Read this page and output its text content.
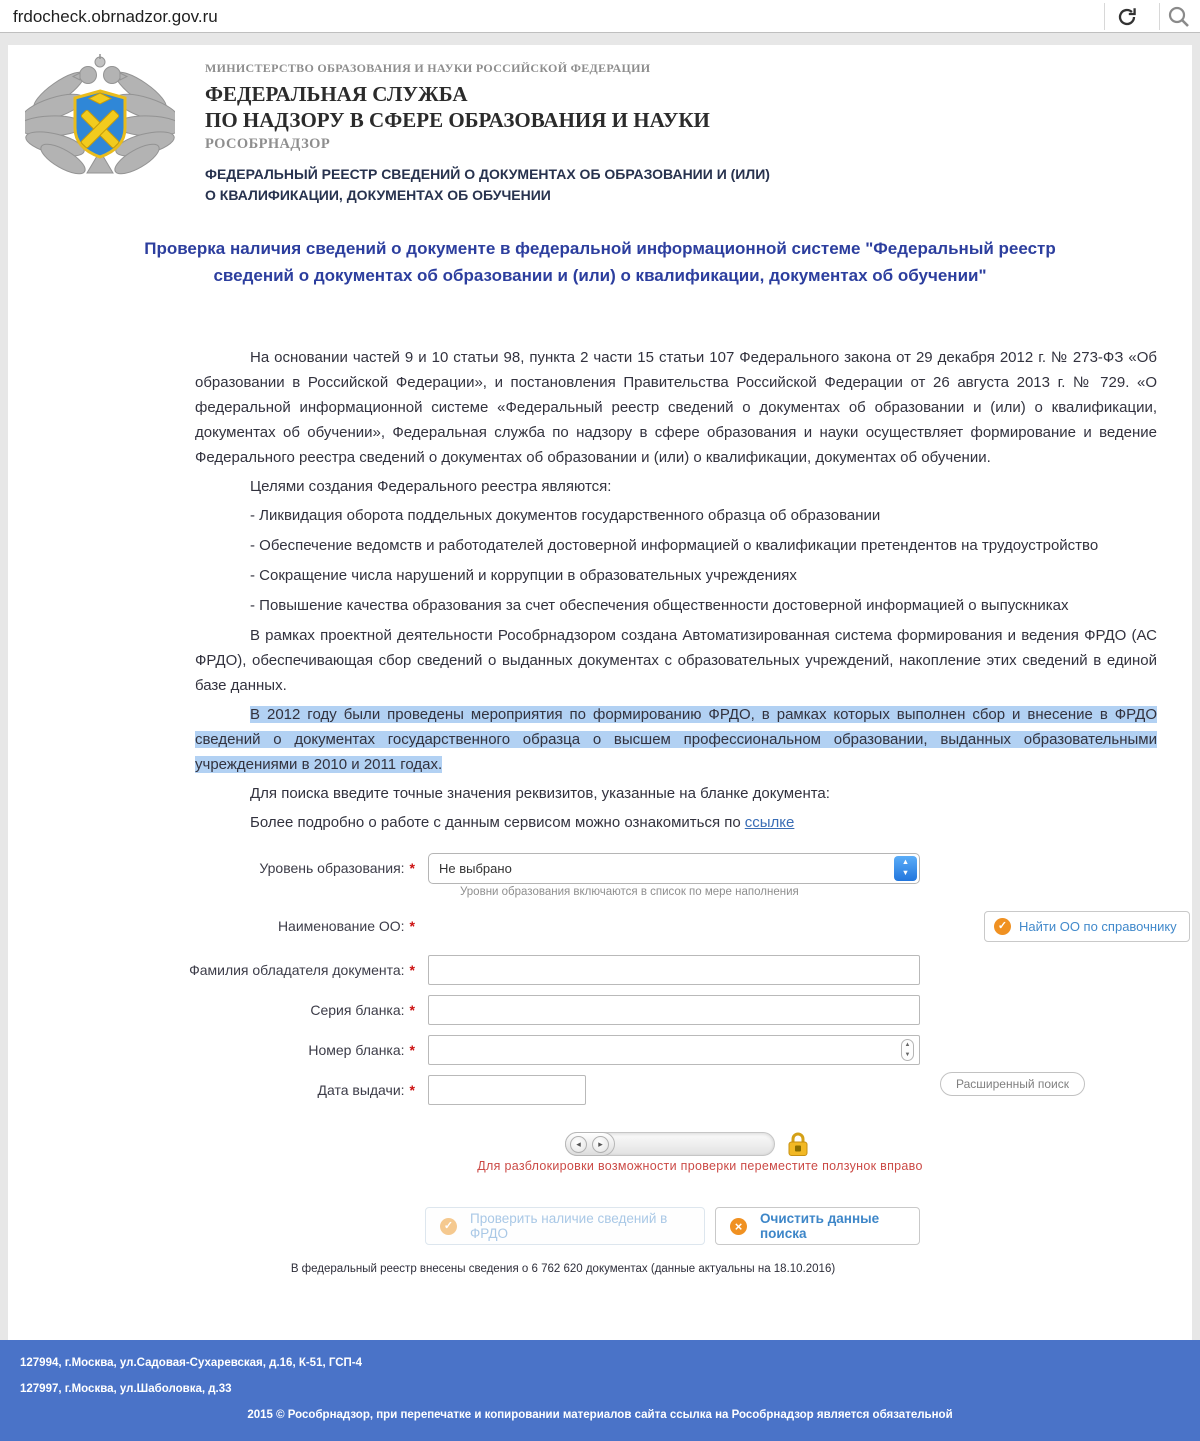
frdocheck.obrnadzor.gov.ru
МИНИСТЕРСТВО ОБРАЗОВАНИЯ И НАУКИ РОССИЙСКОЙ ФЕДЕРАЦИИ
ФЕДЕРАЛЬНАЯ СЛУЖБА
ПО НАДЗОРУ В СФЕРЕ ОБРАЗОВАНИЯ И НАУКИ
РОСОБРНАДЗОР
ФЕДЕРАЛЬНЫЙ РЕЕСТР СВЕДЕНИЙ О ДОКУМЕНТАХ ОБ ОБРАЗОВАНИИ И (ИЛИ)
О КВАЛИФИКАЦИИ, ДОКУМЕНТАХ ОБ ОБУЧЕНИИ
Проверка наличия сведений о документе в федеральной информационной системе "Федеральный реестр сведений о документах об образовании и (или) о квалификации, документах об обучении"

На основании частей 9 и 10 статьи 98, пункта 2 части 15 статьи 107 Федерального закона от 29 декабря 2012 г. № 273-ФЗ «Об образовании в Российской Федерации», и постановления Правительства Российской Федерации от 26 августа 2013 г. № 729. «О федеральной информационной системе «Федеральный реестр сведений о документах об образовании и (или) о квалификации, документах об обучении», Федеральная служба по надзору в сфере образования и науки осуществляет формирование и ведение Федерального реестра сведений о документах об образовании и (или) о квалификации, документах об обучении.

Целями создания Федерального реестра являются:

- Ликвидация оборота поддельных документов государственного образца об образовании

- Обеспечение ведомств и работодателей достоверной информацией о квалификации претендентов на трудоустройство

- Сокращение числа нарушений и коррупции в образовательных учреждениях

- Повышение качества образования за счет обеспечения общественности достоверной информацией о выпускниках

В рамках проектной деятельности Рособрнадзором создана Автоматизированная система формирования и ведения ФРДО (АС ФРДО), обеспечивающая сбор сведений о выданных документах с образовательных учреждений, накопление этих сведений в единой базе данных.

В 2012 году были проведены мероприятия по формированию ФРДО, в рамках которых выполнен сбор и внесение в ФРДО сведений о документах государственного образца о высшем профессиональном образовании, выданных образовательными учреждениями в 2010 и 2011 годах.

Для поиска введите точные значения реквизитов, указанные на бланке документа:

Более подробно о работе с данным сервисом можно ознакомиться по ссылке

Уровень образования: * Не выбрано	▲
▼
Уровни образования включаются в список по мере наполнения
Наименование ОО: *	✓ Найти ОО по справочнику
Фамилия обладателя документа: *
Серия бланка: *
Номер бланка: *	▲
▼
Дата выдачи: *	Расширенный поиск
◂	▸
Для разблокировки возможности проверки переместите ползунок вправо
✓ Проверить наличие сведений в ФРДО	×
Очистить данные поиска
В федеральный реестр внесены сведения о 6 762 620 документах (данные актуальны на 18.10.2016)
127994, г.Москва, ул.Садовая-Сухаревская, д.16, К-51, ГСП-4
127997, г.Москва, ул.Шаболовка, д.33
2015 © Рособрнадзор, при перепечатке и копировании материалов сайта ссылка на Рособрнадзор является обязательной
